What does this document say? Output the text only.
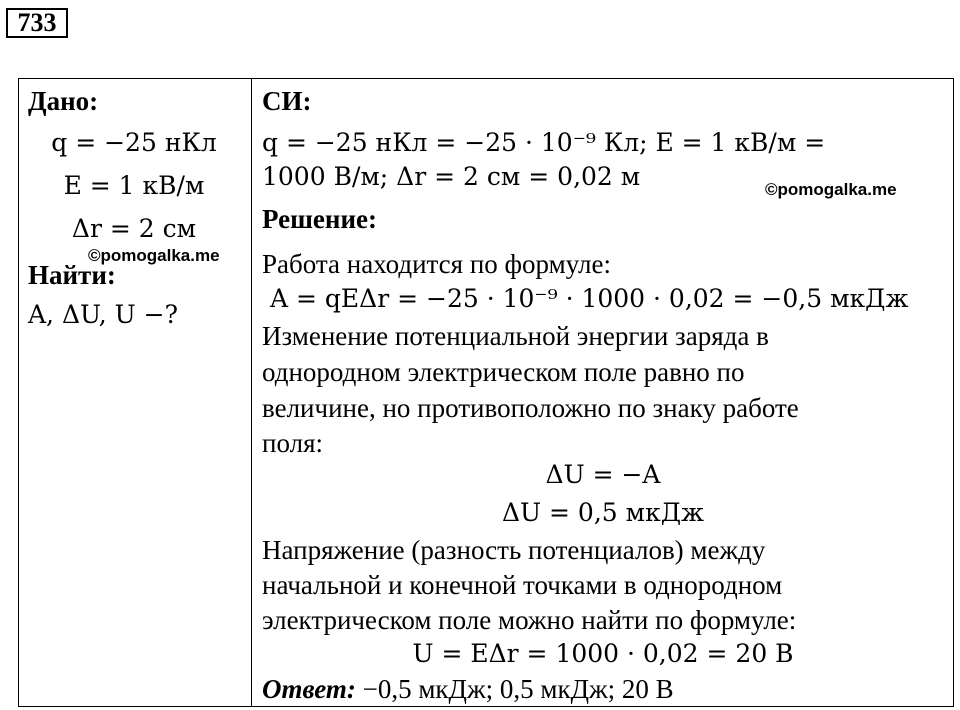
733
Дано:
q = −25 нКл
E = 1 кВ/м
Δr = 2 см
Найти:
©pomogalka.me
A, ΔU, U −?
СИ:
q = −25 нКл = −25 · 10⁻⁹ Кл; E = 1 кВ/м =
1000 В/м; Δr = 2 см = 0,02 м	©pomogalka.me
Решение:
Работа находится по формуле:
A = qEΔr = −25 · 10⁻⁹ · 1000 · 0,02 = −0,5 мкДж
Изменение потенциальной энергии заряда в
однородном электрическом поле равно по
величине, но противоположно по знаку работе
поля:
ΔU = −A
ΔU = 0,5 мкДж
Напряжение (разность потенциалов) между
начальной и конечной точками в однородном
электрическом поле можно найти по формуле:
U = EΔr = 1000 · 0,02 = 20 В
Ответ: −0,5 мкДж; 0,5 мкДж; 20 В
